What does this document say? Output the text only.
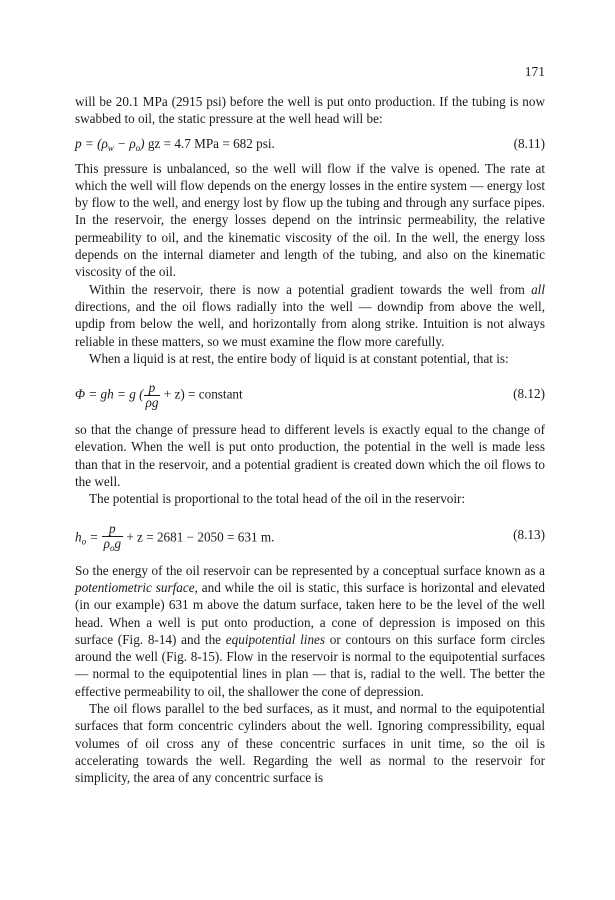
171

will be 20.1 MPa (2915 psi) before the well is put onto production. If the tubing is now swabbed to oil, the static pressure at the well head will be:

$p = (\rho_w - \rho_o)$ gz = 4.7 MPa = 682 psi.	(8.11)

This pressure is unbalanced, so the well will flow if the valve is opened. The rate at which the well will flow depends on the energy losses in the entire system — energy lost by flow to the well, and energy lost by flow up the tubing and through any surface pipes. In the reservoir, the energy losses depend on the intrinsic permeability, the relative permeability to oil, and the kinematic viscosity of the oil. In the well, the energy loss depends on the internal diameter and length of the tubing, and also on the kinematic viscosity of the oil.

Within the reservoir, there is now a potential gradient towards the well from all directions, and the oil flows radially into the well — downdip from above the well, updip from below the well, and horizontally from along strike. Intuition is not always reliable in these matters, so we must examine the flow more carefully.

When a liquid is at rest, the entire body of liquid is at constant potential, that is:

Φ = gh = g ( $\frac{p}{\rho g} + z$) = constant	(8.12)

so that the change of pressure head to different levels is exactly equal to the change of elevation. When the well is put onto production, the potential in the well is made less than that in the reservoir, and a potential gradient is created down which the oil flows to the well.

The potential is proportional to the total head of the oil in the reservoir:

$h_o = \frac{p}{\rho_og} + z = 2681 - 2050 = 631$ m.	(8.13)

So the energy of the oil reservoir can be represented by a conceptual surface known as a potentiometric surface, and while the oil is static, this surface is horizontal and elevated (in our example) 631 m above the datum surface, taken here to be the level of the well head. When a well is put onto production, a cone of depression is imposed on this surface (Fig. 8-14) and the equipotential lines or contours on this surface form circles around the well (Fig. 8-15). Flow in the reservoir is normal to the equipotential surfaces — normal to the equipotential lines in plan — that is, radial to the well. The better the effective permeability to oil, the shallower the cone of depression.

The oil flows parallel to the bed surfaces, as it must, and normal to the equipotential surfaces that form concentric cylinders about the well. Ignoring compressibility, equal volumes of oil cross any of these concentric surfaces in unit time, so the oil is accelerating towards the well. Regarding the well as normal to the reservoir for simplicity, the area of any concentric surface is
